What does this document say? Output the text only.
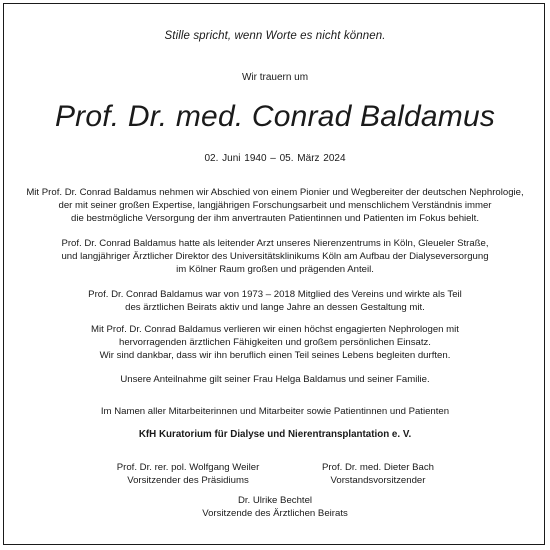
Stille spricht, wenn Worte es nicht können.
Wir trauern um
Prof. Dr. med. Conrad Baldamus
02. Juni 1940 – 05. März 2024
Mit Prof. Dr. Conrad Baldamus nehmen wir Abschied von einem Pionier und Wegbereiter der deutschen Nephrologie,
der mit seiner großen Expertise, langjährigen Forschungsarbeit und menschlichem Verständnis immer
die bestmögliche Versorgung der ihm anvertrauten Patientinnen und Patienten im Fokus behielt.
Prof. Dr. Conrad Baldamus hatte als leitender Arzt unseres Nierenzentrums in Köln, Gleueler Straße,
und langjähriger Ärztlicher Direktor des Universitätsklinikums Köln am Aufbau der Dialyseversorgung
im Kölner Raum großen und prägenden Anteil.
Prof. Dr. Conrad Baldamus war von 1973 – 2018 Mitglied des Vereins und wirkte als Teil
des ärztlichen Beirats aktiv und lange Jahre an dessen Gestaltung mit.
Mit Prof. Dr. Conrad Baldamus verlieren wir einen höchst engagierten Nephrologen mit
hervorragenden ärztlichen Fähigkeiten und großem persönlichen Einsatz.
Wir sind dankbar, dass wir ihn beruflich einen Teil seines Lebens begleiten durften.
Unsere Anteilnahme gilt seiner Frau Helga Baldamus und seiner Familie.
Im Namen aller Mitarbeiterinnen und Mitarbeiter sowie Patientinnen und Patienten
KfH Kuratorium für Dialyse und Nierentransplantation e. V.
Prof. Dr. rer. pol. Wolfgang Weiler
Vorsitzender des Präsidiums
Prof. Dr. med. Dieter Bach
Vorstandsvorsitzender
Dr. Ulrike Bechtel
Vorsitzende des Ärztlichen Beirats
